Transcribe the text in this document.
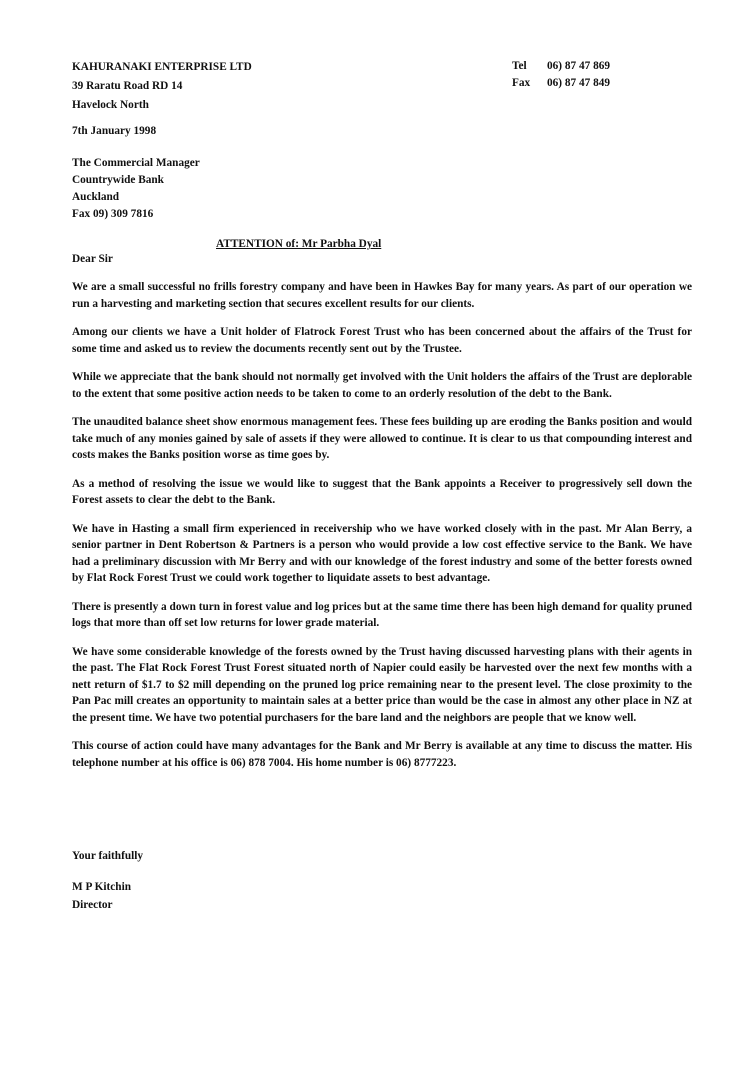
KAHURANAKI ENTERPRISE LTD
39 Raratu Road RD 14
Havelock North
Tel 06) 87 47 869
Fax 06) 87 47 849
7th January 1998
The Commercial Manager
Countrywide Bank
Auckland
Fax 09) 309 7816
ATTENTION of: Mr Parbha Dyal
Dear Sir

We are a small successful no frills forestry company and have been in Hawkes Bay for many years. As part of our operation we run a harvesting and marketing section that secures excellent results for our clients.

Among our clients we have a Unit holder of Flatrock Forest Trust who has been concerned about the affairs of the Trust for some time and asked us to review the documents recently sent out by the Trustee.

While we appreciate that the bank should not normally get involved with the Unit holders the affairs of the Trust are deplorable to the extent that some positive action needs to be taken to come to an orderly resolution of the debt to the Bank.

The unaudited balance sheet show enormous management fees. These fees building up are eroding the Banks position and would take much of any monies gained by sale of assets if they were allowed to continue. It is clear to us that compounding interest and costs makes the Banks position worse as time goes by.

As a method of resolving the issue we would like to suggest that the Bank appoints a Receiver to progressively sell down the Forest assets to clear the debt to the Bank.

We have in Hasting a small firm experienced in receivership who we have worked closely with in the past. Mr Alan Berry, a senior partner in Dent Robertson & Partners is a person who would provide a low cost effective service to the Bank. We have had a preliminary discussion with Mr Berry and with our knowledge of the forest industry and some of the better forests owned by Flat Rock Forest Trust we could work together to liquidate assets to best advantage.

There is presently a down turn in forest value and log prices but at the same time there has been high demand for quality pruned logs that more than off set low returns for lower grade material.

We have some considerable knowledge of the forests owned by the Trust having discussed harvesting plans with their agents in the past. The Flat Rock Forest Trust Forest situated north of Napier could easily be harvested over the next few months with a nett return of $1.7 to $2 mill depending on the pruned log price remaining near to the present level. The close proximity to the Pan Pac mill creates an opportunity to maintain sales at a better price than would be the case in almost any other place in NZ at the present time. We have two potential purchasers for the bare land and the neighbors are people that we know well.

This course of action could have many advantages for the Bank and Mr Berry is available at any time to discuss the matter. His telephone number at his office is 06) 878 7004. His home number is 06) 8777223.

Your faithfully
M P Kitchin
Director
